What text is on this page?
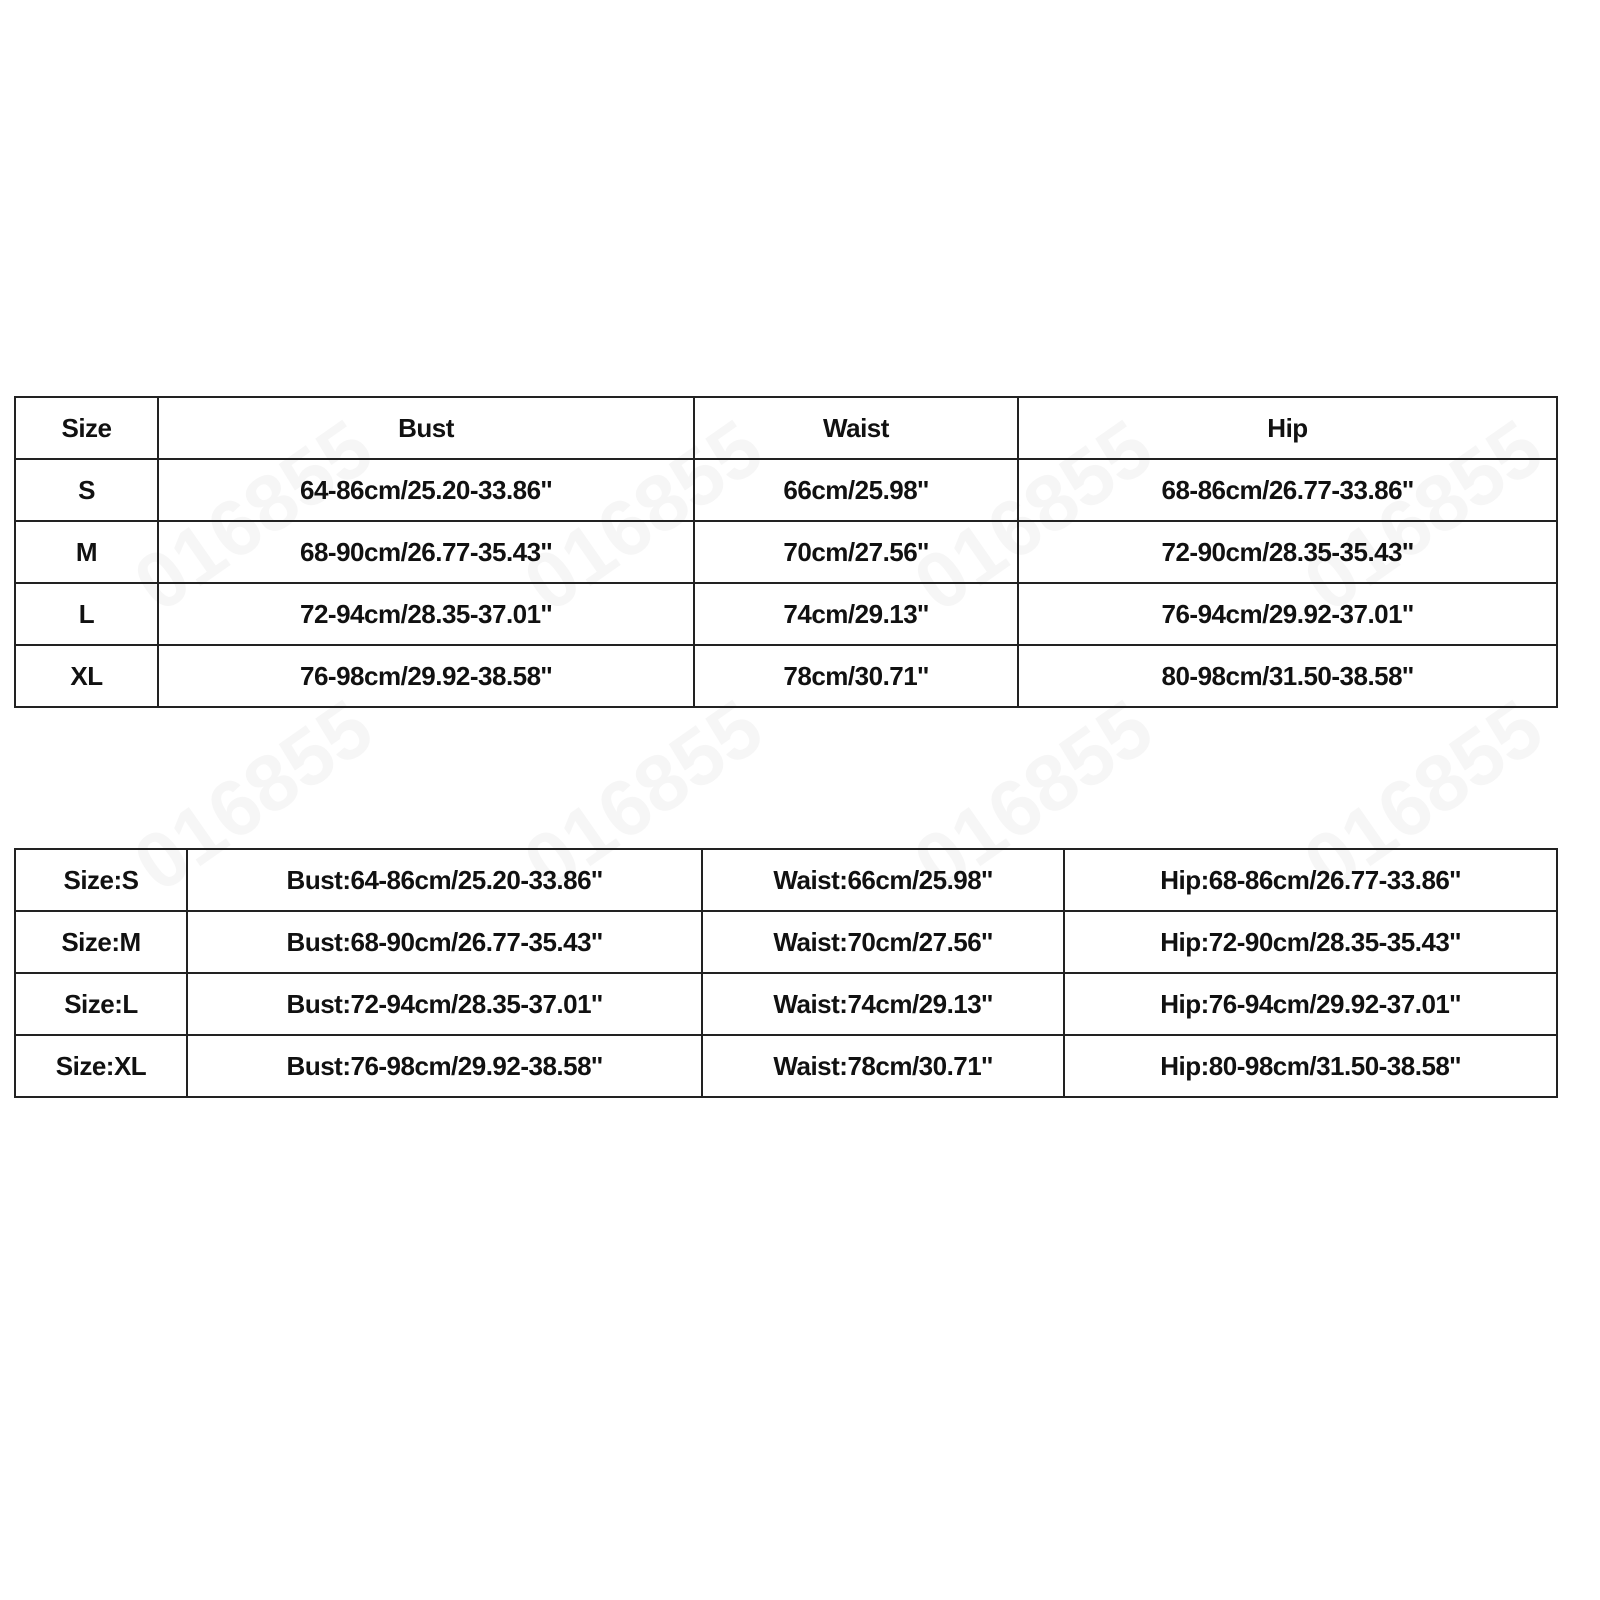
Size	Bust	Waist	Hip
S	64-86cm/25.20-33.86''	66cm/25.98''	68-86cm/26.77-33.86''
M	68-90cm/26.77-35.43''	70cm/27.56''	72-90cm/28.35-35.43''
L	72-94cm/28.35-37.01''	74cm/29.13''	76-94cm/29.92-37.01''
XL	76-98cm/29.92-38.58''	78cm/30.71''	80-98cm/31.50-38.58''
Size:S	Bust:64-86cm/25.20-33.86''	Waist:66cm/25.98''	Hip:68-86cm/26.77-33.86''
Size:M	Bust:68-90cm/26.77-35.43''	Waist:70cm/27.56''	Hip:72-90cm/28.35-35.43''
Size:L	Bust:72-94cm/28.35-37.01''	Waist:74cm/29.13''	Hip:76-94cm/29.92-37.01''
Size:XL	Bust:76-98cm/29.92-38.58''	Waist:78cm/30.71''	Hip:80-98cm/31.50-38.58''
